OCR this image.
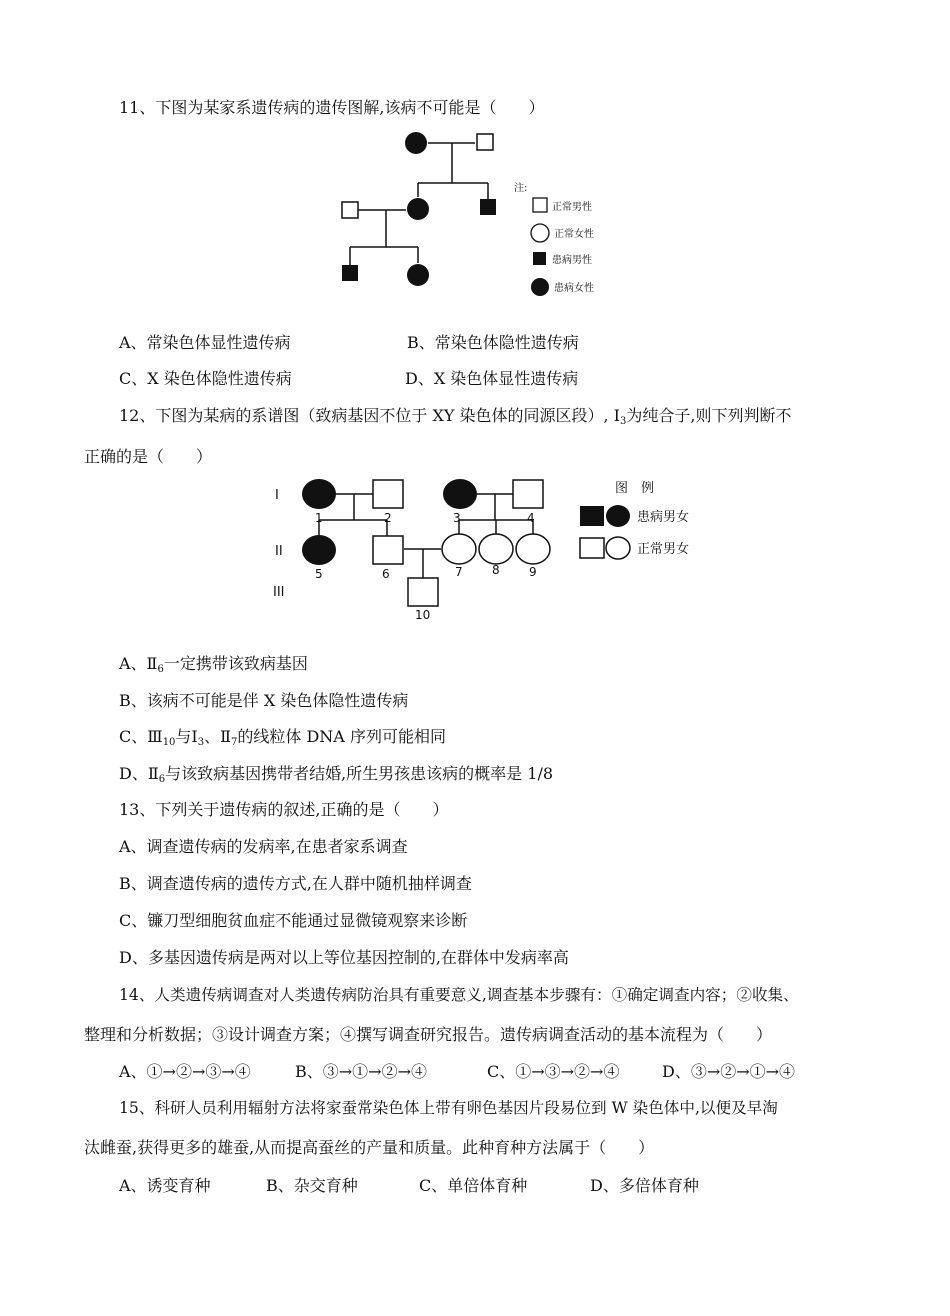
11、下图为某家系遗传病的遗传图解,该病不可能是（　　）
注:
正常男性
正常女性
患病男性
患病女性
A、常染色体显性遗传病	B、常染色体隐性遗传病
C、X 染色体隐性遗传病	D、X 染色体显性遗传病
12、下图为某病的系谱图（致病基因不位于 XY 染色体的同源区段）, $Ⅰ_3$为纯合子,则下列判断不
正确的是（　　）
I
II
III
1	2	3	4
5	6	7 8 9
10
图　例
患病男女
正常男女
A、$Ⅱ_6$一定携带该致病基因
B、该病不可能是伴 X 染色体隐性遗传病
C、$Ⅲ_{10}$与$Ⅰ_3$、$Ⅱ_7$的线粒体 DNA 序列可能相同
D、$Ⅱ_6$与该致病基因携带者结婚,所生男孩患该病的概率是 1/8
13、下列关于遗传病的叙述,正确的是（　　）
A、调查遗传病的发病率,在患者家系调查
B、调查遗传病的遗传方式,在人群中随机抽样调查
C、镰刀型细胞贫血症不能通过显微镜观察来诊断
D、多基因遗传病是两对以上等位基因控制的,在群体中发病率高
14、人类遗传病调查对人类遗传病防治具有重要意义,调查基本步骤有：①确定调查内容；②收集、
整理和分析数据；③设计调查方案；④撰写调查研究报告。遗传病调查活动的基本流程为（　　）
A、①→②→③→④	B、③→①→②→④	C、①→③→②→④	D、③→②→①→④
15、科研人员利用辐射方法将家蚕常染色体上带有卵色基因片段易位到 W 染色体中,以便及早淘
汰雌蚕,获得更多的雄蚕,从而提高蚕丝的产量和质量。此种育种方法属于（　　）
A、诱变育种	B、杂交育种	C、单倍体育种	D、多倍体育种
